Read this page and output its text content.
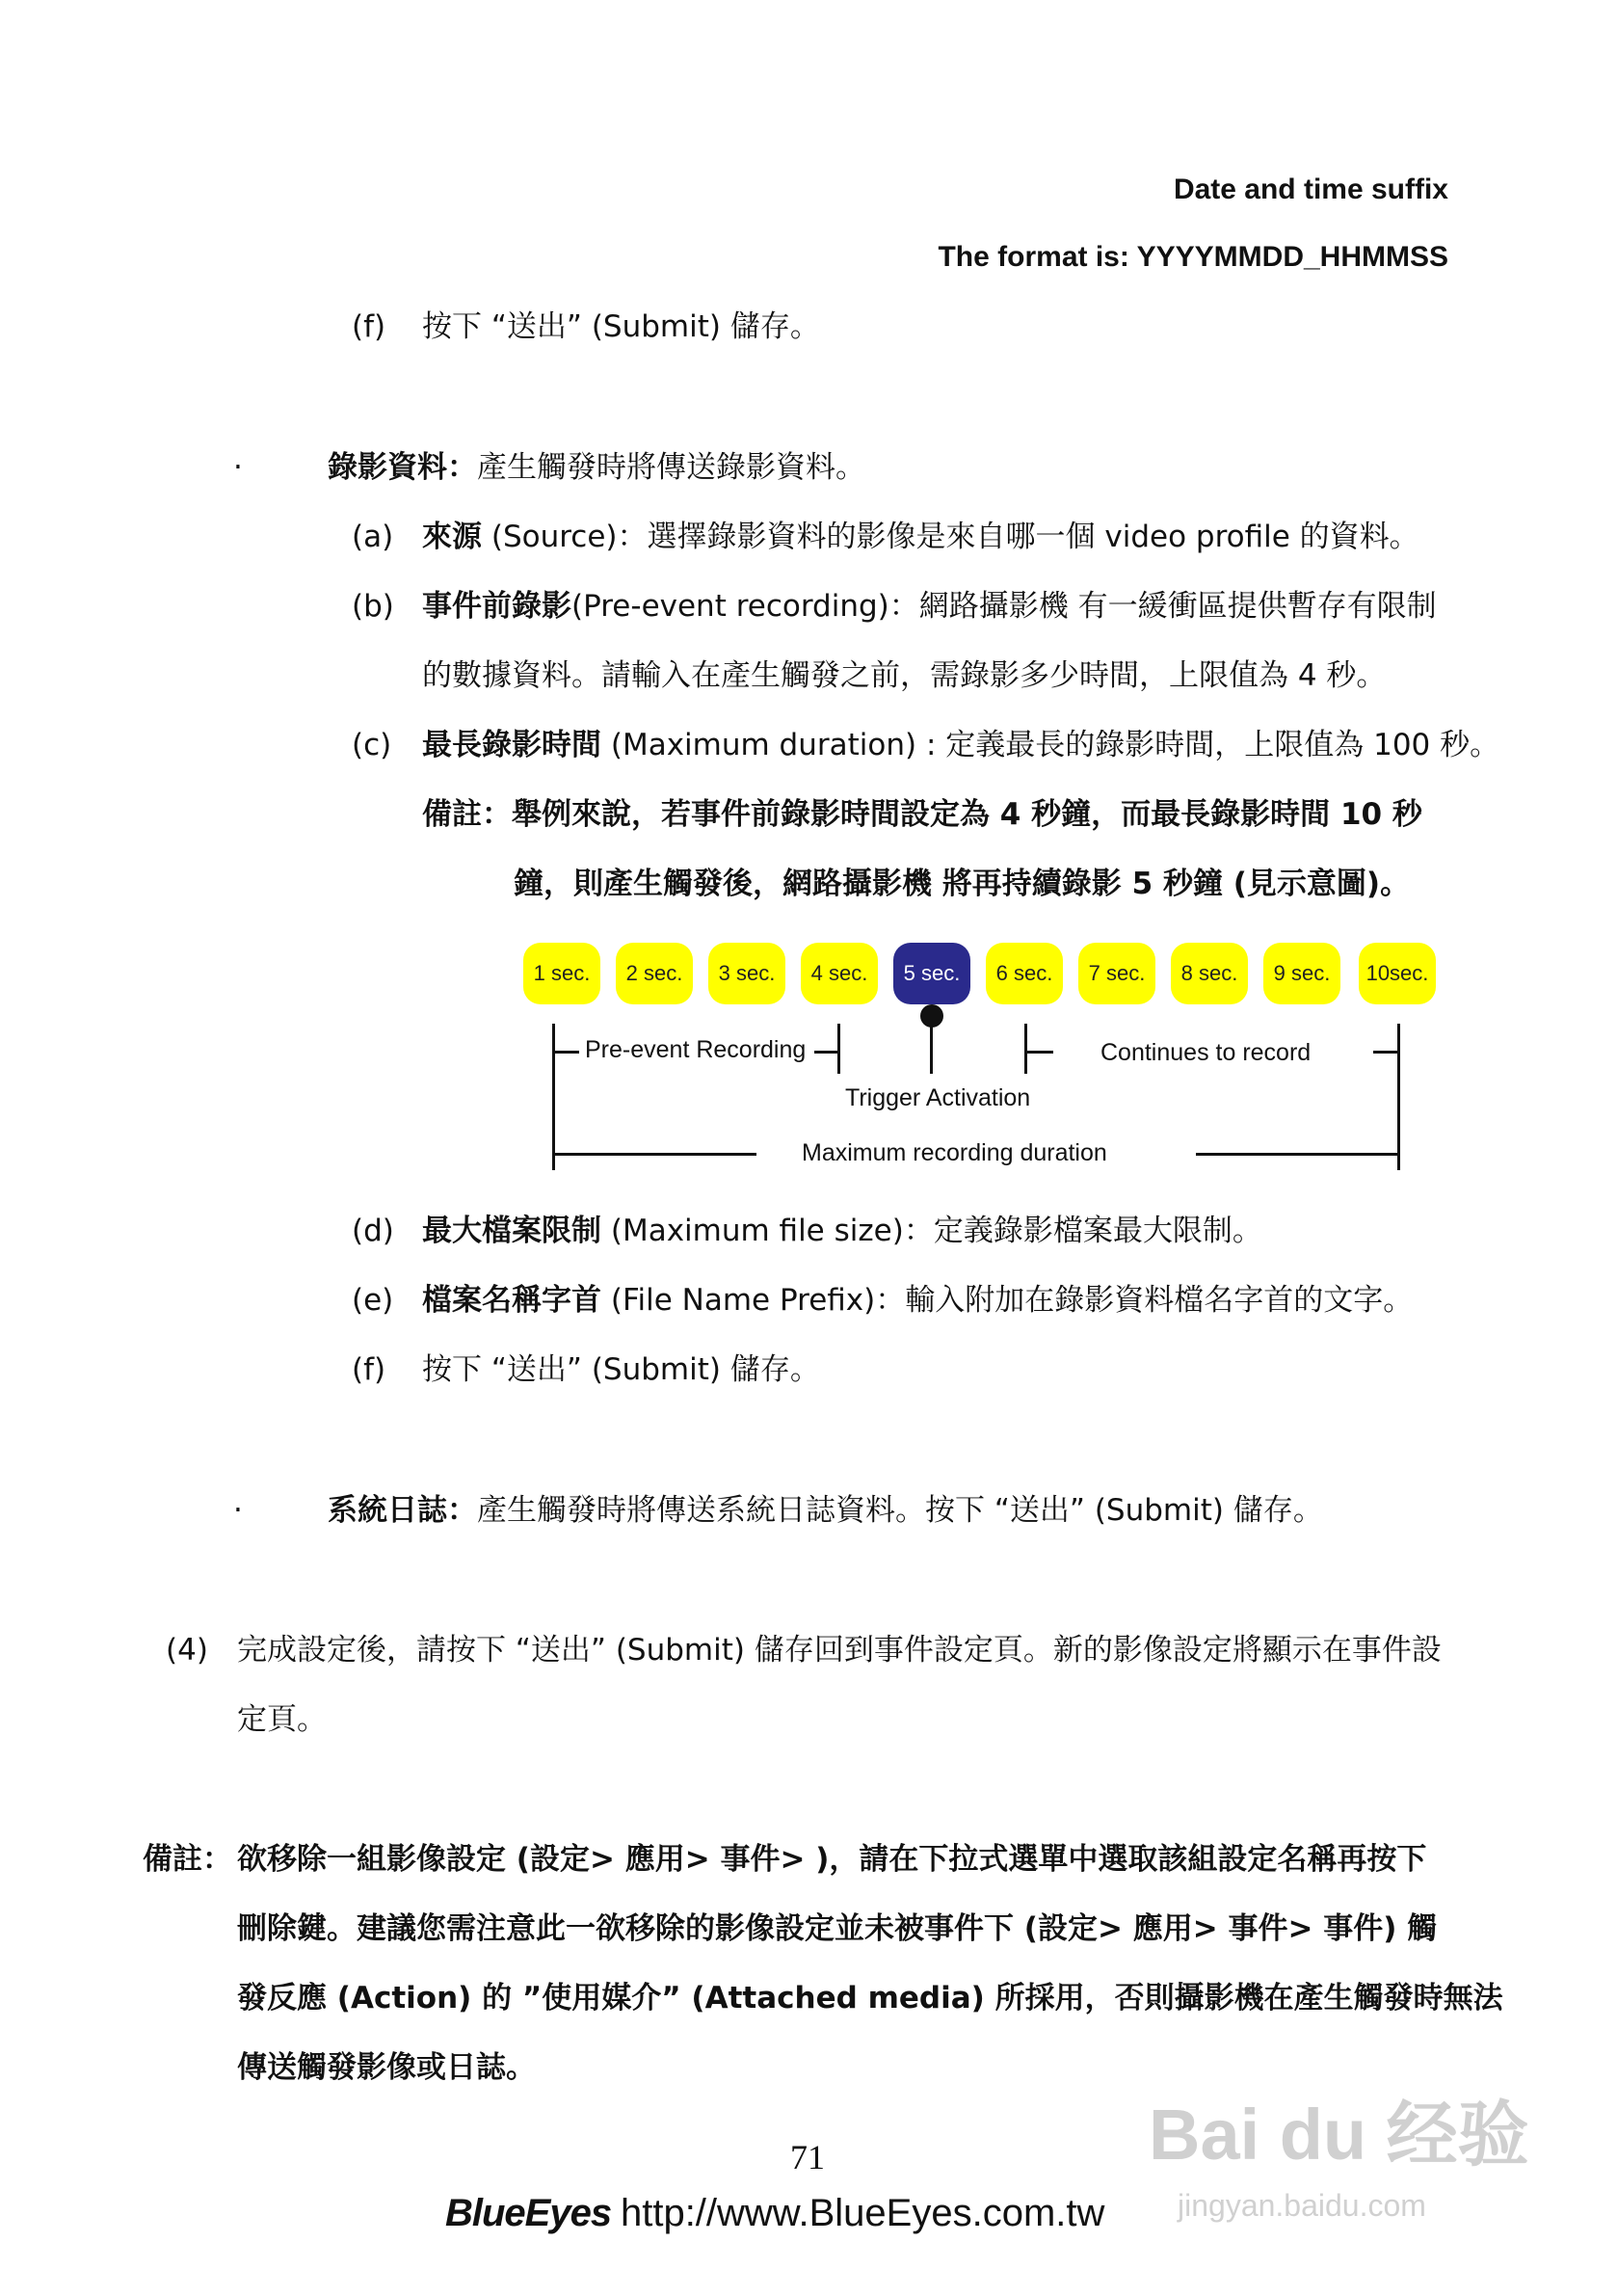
Date and time suffix
The format is: YYYYMMDD_HHMMSS
(f) 按下 “送出” (Submit) 儲存。
·	錄影資料：產生觸發時將傳送錄影資料。
(a) 來源 (Source)：選擇錄影資料的影像是來自哪一個 video profile 的資料。
(b) 事件前錄影(Pre-event recording)：網路攝影機 有一緩衝區提供暫存有限制
的數據資料。請輸入在產生觸發之前，需錄影多少時間，上限值為 4 秒。
(c) 最長錄影時間 (Maximum duration) : 定義最長的錄影時間，上限值為 100 秒。
備註：舉例來說，若事件前錄影時間設定為 4 秒鐘，而最長錄影時間 10 秒
鐘，則產生觸發後，網路攝影機 將再持續錄影 5 秒鐘 (見示意圖)。
1 sec.	2 sec.	3 sec.	4 sec.	5 sec.	6 sec.	7 sec.	8 sec.	9 sec.	10sec.
Pre-event Recording	Continues to record
Trigger Activation
Maximum recording duration
(d) 最大檔案限制 (Maximum file size)：定義錄影檔案最大限制。
(e) 檔案名稱字首 (File Name Prefix)：輸入附加在錄影資料檔名字首的文字。
(f) 按下 “送出” (Submit) 儲存。
·	系統日誌：產生觸發時將傳送系統日誌資料。按下 “送出” (Submit) 儲存。
(4) 完成設定後，請按下 “送出” (Submit) 儲存回到事件設定頁。新的影像設定將顯示在事件設
定頁。
備註： 欲移除一組影像設定 (設定> 應用> 事件> )，請在下拉式選單中選取該組設定名稱再按下
刪除鍵。建議您需注意此一欲移除的影像設定並未被事件下 (設定> 應用> 事件> 事件) 觸
發反應 (Action) 的 ”使用媒介” (Attached media) 所採用，否則攝影機在產生觸發時無法
傳送觸發影像或日誌。
71
BlueEyes http://www.BlueEyes.com.tw
Bai du 经验
jingyan.baidu.com
